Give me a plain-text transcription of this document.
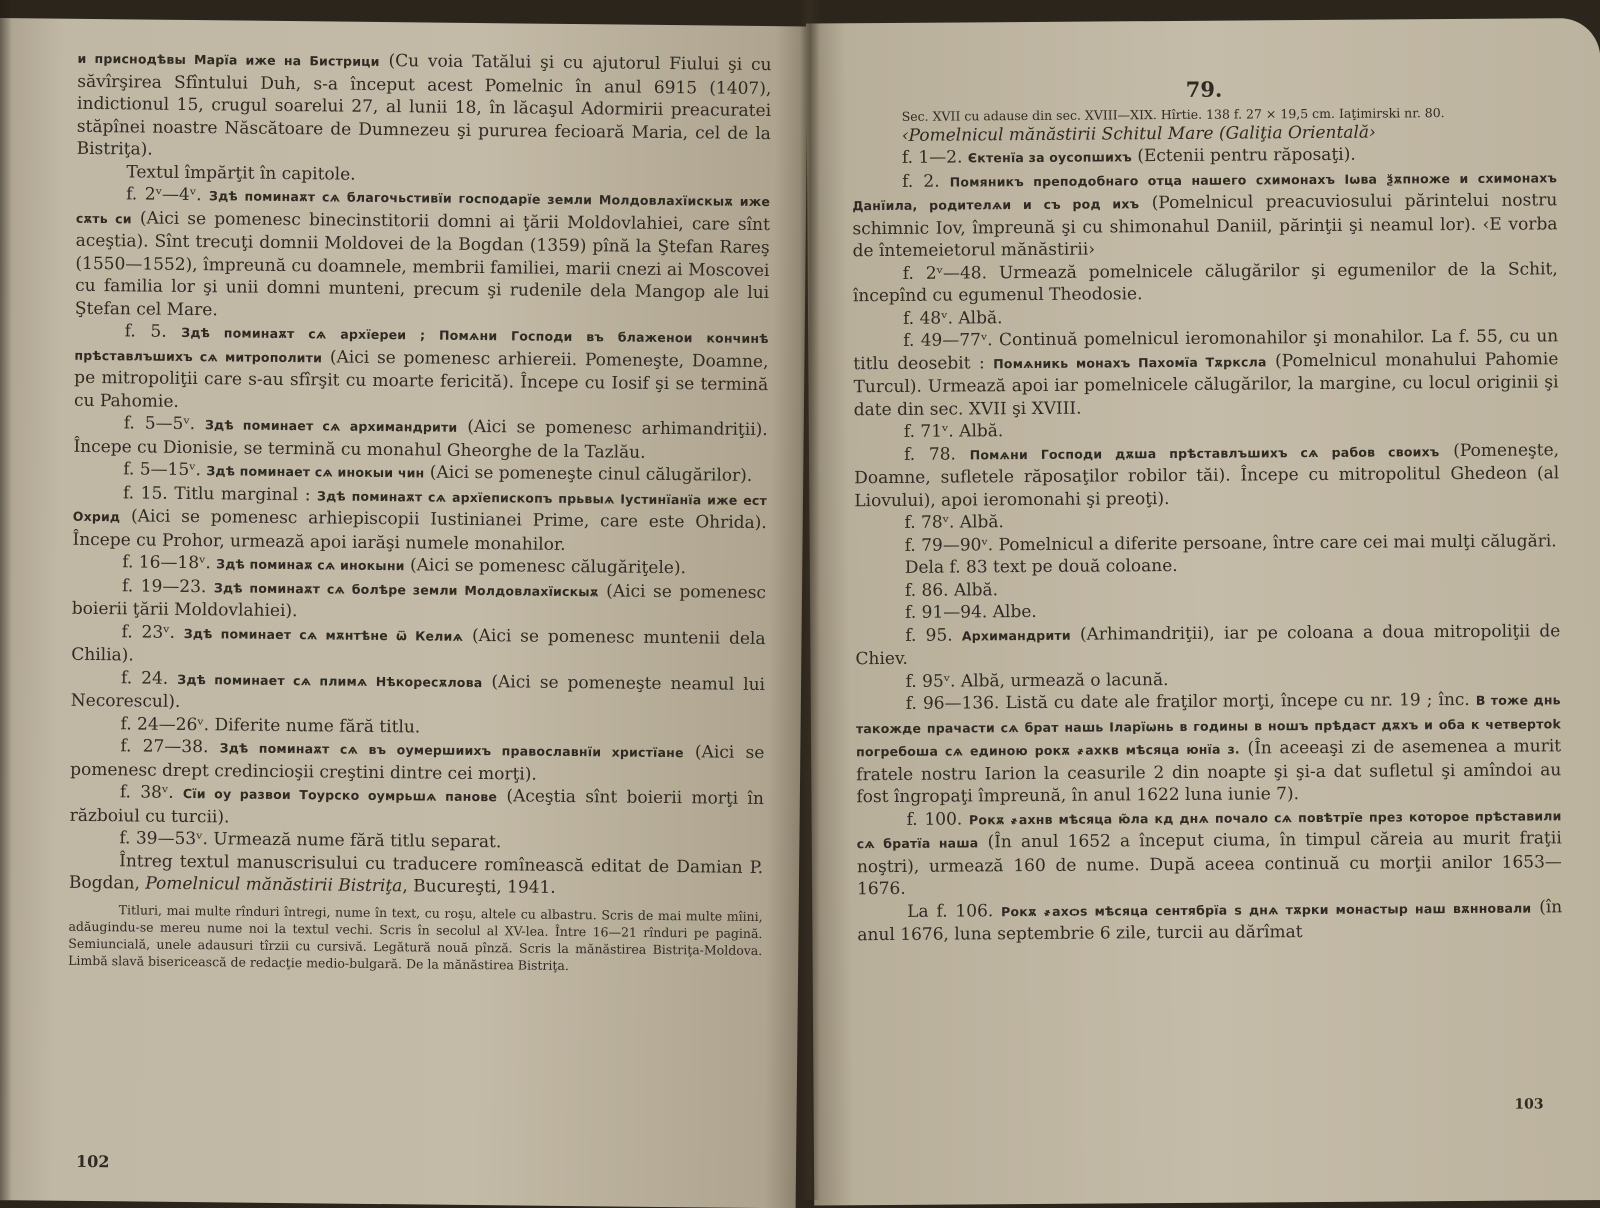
и приснодѣвы Марїа иже на Бистрици (Cu voia Tatălui şi cu ajutorul Fiului şi cu săvîrşirea Sfîntului Duh, s-a început acest Pomelnic în anul 6915 (1407), indictionul 15, crugul soarelui 27, al lunii 18, în lăcaşul Adormirii preacuratei stăpînei noastre Născătoare de Dumnezeu şi pururea fecioară Maria, cel de la Bistriţa).

Textul împărţit în capitole.

f. 2ᵛ—4ᵛ. Здѣ поминаѫт сѧ благочьстивїи господарїе земли Молдовлахїискыѫ иже сѫть си (Aici se pomenesc binecinstitorii domni ai ţării Moldovlahiei, care sînt aceştia). Sînt trecuţi domnii Moldovei de la Bogdan (1359) pînă la Ştefan Rareş (1550—1552), împreună cu doamnele, membrii familiei, marii cnezi ai Moscovei cu familia lor şi unii domni munteni, precum şi rudenile dela Mangop ale lui Ştefan cel Mare.

f. 5. Здѣ поминаѫт сѧ архїереи ; Помѧни Господи въ блаженои кончинѣ прѣставлъшихъ сѧ митрополити (Aici se pomenesc arhiereii. Pomeneşte, Doamne, pe mitropoliţii care s-au sfîrşit cu moarte fericită). Începe cu Iosif şi se termină cu Pahomie.

f. 5—5ᵛ. Здѣ поминает сѧ архимандрити (Aici se pomenesc arhimandriţii). Începe cu Dionisie, se termină cu monahul Gheorghe de la Tazlău.

f. 5—15ᵛ. Здѣ поминает сѧ инокыи чин (Aici se pomeneşte cinul călugărilor).

f. 15. Titlu marginal : Здѣ поминаѫт сѧ архїепископъ прьвыѧ Іустинїанїа иже ест Охрид (Aici se pomenesc arhiepiscopii Iustinianei Prime, care este Ohrida). Începe cu Prohor, urmează apoi iarăşi numele monahilor.

f. 16—18ᵛ. Здѣ поминаѫ сѧ инокыни (Aici se pomenesc călugăriţele).

f. 19—23. Здѣ поминаѫт сѧ болѣре земли Молдовлахїискыѫ (Aici se pomenesc boierii ţării Moldovlahiei).

f. 23ᵛ. Здѣ поминает сѧ мѫнтѣне ѿ Келиѧ (Aici se pomenesc muntenii dela Chilia).

f. 24. Здѣ поминает сѧ плимѧ Нѣкоресѫлова (Aici se pomeneşte neamul lui Necorescul).

f. 24—26ᵛ. Diferite nume fără titlu.

f. 27—38. Здѣ поминаѫт сѧ въ оумершиихъ православнїи христїане (Aici se pomenesc drept credincioşii creştini dintre cei morţi).

f. 38ᵛ. Сїи оу развои Тоурско оумрьшѧ панове (Aceştia sînt boierii morţi în războiul cu turcii).

f. 39—53ᵛ. Urmează nume fără titlu separat.

Întreg textul manuscrisului cu traducere romînească editat de Damian P. Bogdan, Pomelnicul mănăstirii Bistriţa, Bucureşti, 1941.

Titluri, mai multe rînduri întregi, nume în text, cu roşu, altele cu albastru. Scris de mai multe mîini, adăugindu-se mereu nume noi la textul vechi. Scris în secolul al XV-lea. Între 16—21 rînduri pe pagină. Semiuncială, unele adausuri tîrzii cu cursivă. Legătură nouă pînză. Scris la mănăstirea Bistriţa-Moldova. Limbă slavă bisericească de redacţie medio-bulgară. De la mănăstirea Bistriţa.

102

79.

Sec. XVII cu adause din sec. XVIII—XIX. Hîrtie. 138 f. 27 × 19,5 cm. Iaţimirski nr. 80.

‹Pomelnicul mănăstirii Schitul Mare (Galiţia Orientală›

f. 1—2. Єктенїа за оусопшихъ (Ectenii pentru răposaţi).

f. 2. Помяникъ преподобнаго отца нашего схимонахъ Іѡва ѯѫпноже и схимонахъ Данїила, родителѧи и съ род ихъ (Pomelnicul preacuviosului părintelui nostru schimnic Iov, împreună şi cu shimonahul Daniil, părinţii şi neamul lor). ‹E vorba de întemeietorul mănăstirii›

f. 2ᵛ—48. Urmează pomelnicele călugărilor şi egumenilor de la Schit, începînd cu egumenul Theodosie.

f. 48ᵛ. Albă.

f. 49—77ᵛ. Continuă pomelnicul ieromonahilor şi monahilor. La f. 55, cu un titlu deosebit : Помѧникь монахъ Пахомїа Тѫрксла (Pomelnicul monahului Pahomie Turcul). Urmează apoi iar pomelnicele călugărilor, la margine, cu locul originii şi date din sec. XVII şi XVIII.

f. 71ᵛ. Albă.

f. 78. Помѧни Господи дѫша прѣставлъшихъ сѧ рабов своихъ (Pomeneşte, Doamne, sufletele răposaţilor robilor tăi). Începe cu mitropolitul Ghedeon (al Liovului), apoi ieromonahi şi preoţi).

f. 78ᵛ. Albă.

f. 79—90ᵛ. Pomelnicul a diferite persoane, între care cei mai mulţi călugări.

Dela f. 83 text pe două coloane.

f. 86. Albă.

f. 91—94. Albe.

f. 95. Архимандрити (Arhimandriţii), iar pe coloana a doua mitropoliţii de Chiev.

f. 95ᵛ. Albă, urmează o lacună.

f. 96—136. Listă cu date ale fraţilor morţi, începe cu nr. 19 ; înc. В тоже днь такожде прачасти сѧ брат нашь Іларїѡнь в годины в ношъ прѣдаст дѫхъ и оба к четвертоk погребоша сѧ единою рокѫ ҂ахкв мѣсяца юнїа з. (În aceeaşi zi de asemenea a murit fratele nostru Iarion la ceasurile 2 din noapte şi şi-a dat sufletul şi amîndoi au fost îngropaţi împreună, în anul 1622 luna iunie 7).

f. 100. Рокѫ ҂ахнв мѣсяца ю̃ла кд днѧ почало сѧ повѣтрїе през которое прѣставили сѧ братїа наша (În anul 1652 a început ciuma, în timpul căreia au murit fraţii noştri), urmează 160 de nume. După aceea continuă cu morţii anilor 1653—1676.

La f. 106. Рокѫ ҂ахѻѕ мѣсяца сентябрїа ѕ днѧ тѫрки монастыр наш вѫнновали (în anul 1676, luna septembrie 6 zile, turcii au dărîmat

103
